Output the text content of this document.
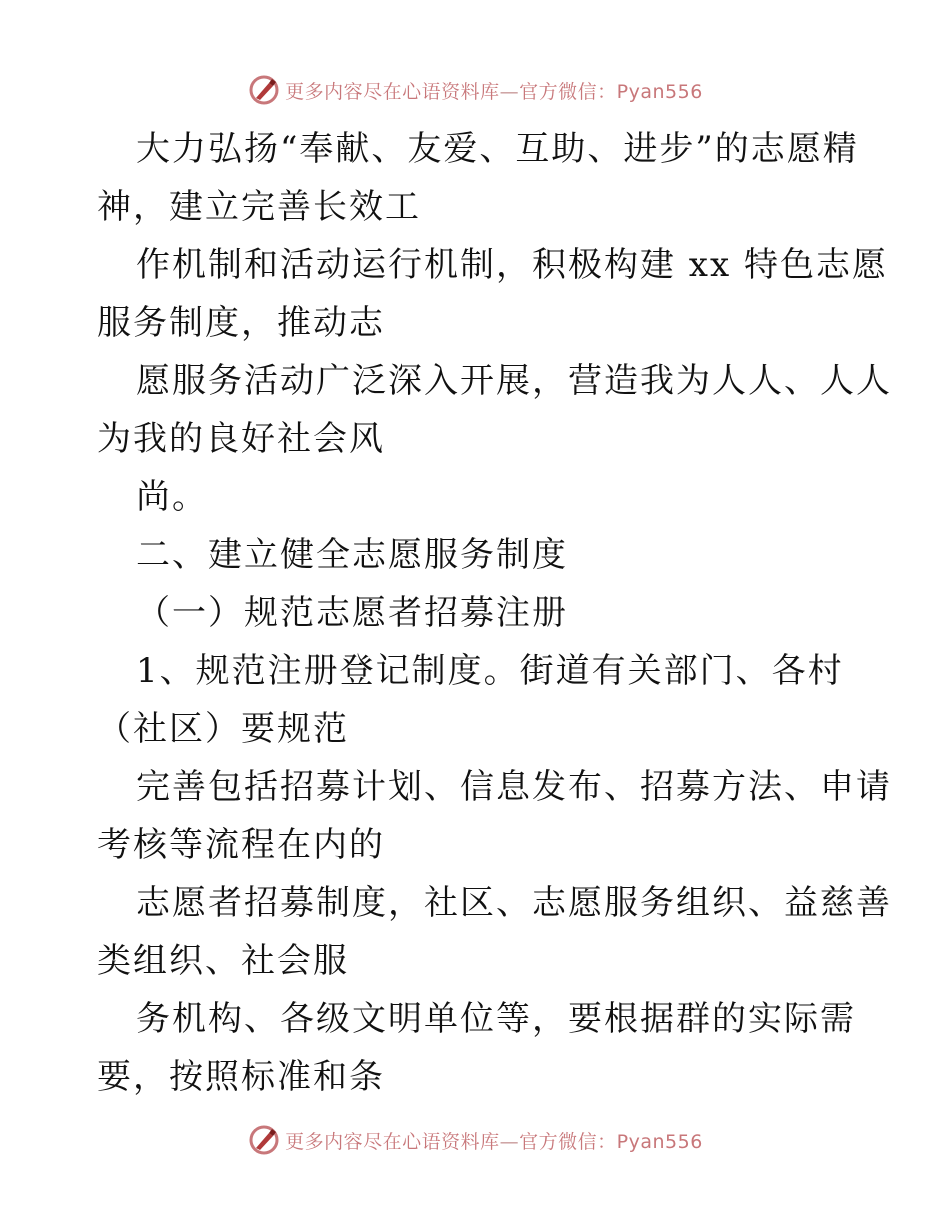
更多内容尽在心语资料库—官方微信：Pyan556
大力弘扬“奉献、友爱、互助、进步”的志愿精
神，建立完善长效工
作机制和活动运行机制，积极构建 xx 特色志愿
服务制度，推动志
愿服务活动广泛深入开展，营造我为人人、人人
为我的良好社会风
尚。
二、建立健全志愿服务制度
（一）规范志愿者招募注册
1、规范注册登记制度。街道有关部门、各村
（社区）要规范
完善包括招募计划、信息发布、招募方法、申请
考核等流程在内的
志愿者招募制度，社区、志愿服务组织、益慈善
类组织、社会服
务机构、各级文明单位等，要根据群的实际需
要，按照标准和条
更多内容尽在心语资料库—官方微信：Pyan556
